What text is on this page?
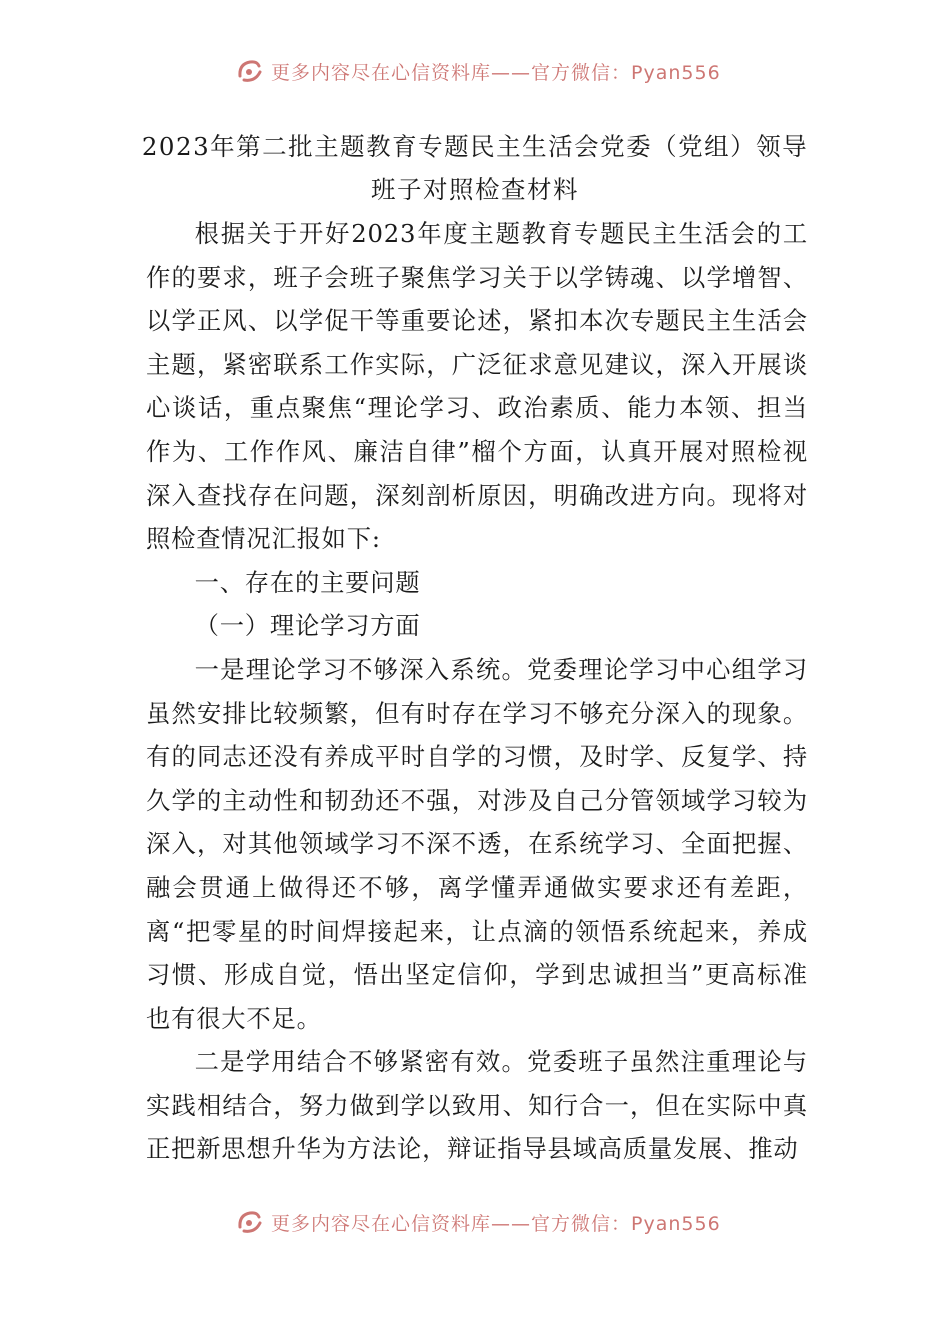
更多内容尽在心信资料库——官方微信：Pyan556
2023年第二批主题教育专题民主生活会党委（党组）领导
班子对照检查材料

根据关于开好2023年度主题教育专题民主生活会的工作的要求，班子会班子聚焦学习关于以学铸魂、以学增智、以学正风、以学促干等重要论述，紧扣本次专题民主生活会主题，紧密联系工作实际，广泛征求意见建议，深入开展谈心谈话，重点聚焦“理论学习、政治素质、能力本领、担当作为、工作作风、廉洁自律”榴个方面，认真开展对照检视深入查找存在问题，深刻剖析原因，明确改进方向。现将对照检查情况汇报如下:

一、存在的主要问题

（一）理论学习方面

一是理论学习不够深入系统。党委理论学习中心组学习虽然安排比较频繁，但有时存在学习不够充分深入的现象。有的同志还没有养成平时自学的习惯，及时学、反复学、持久学的主动性和韧劲还不强，对涉及自己分管领域学习较为深入，对其他领域学习不深不透，在系统学习、全面把握、融会贯通上做得还不够，离学懂弄通做实要求还有差距，离“把零星的时间焊接起来，让点滴的领悟系统起来，养成习惯、形成自觉，悟出坚定信仰，学到忠诚担当”更高标准也有很大不足。

二是学用结合不够紧密有效。党委班子虽然注重理论与实践相结合，努力做到学以致用、知行合一，但在实际中真正把新思想升华为方法论，辩证指导县域高质量发展、推动

更多内容尽在心信资料库——官方微信：Pyan556
